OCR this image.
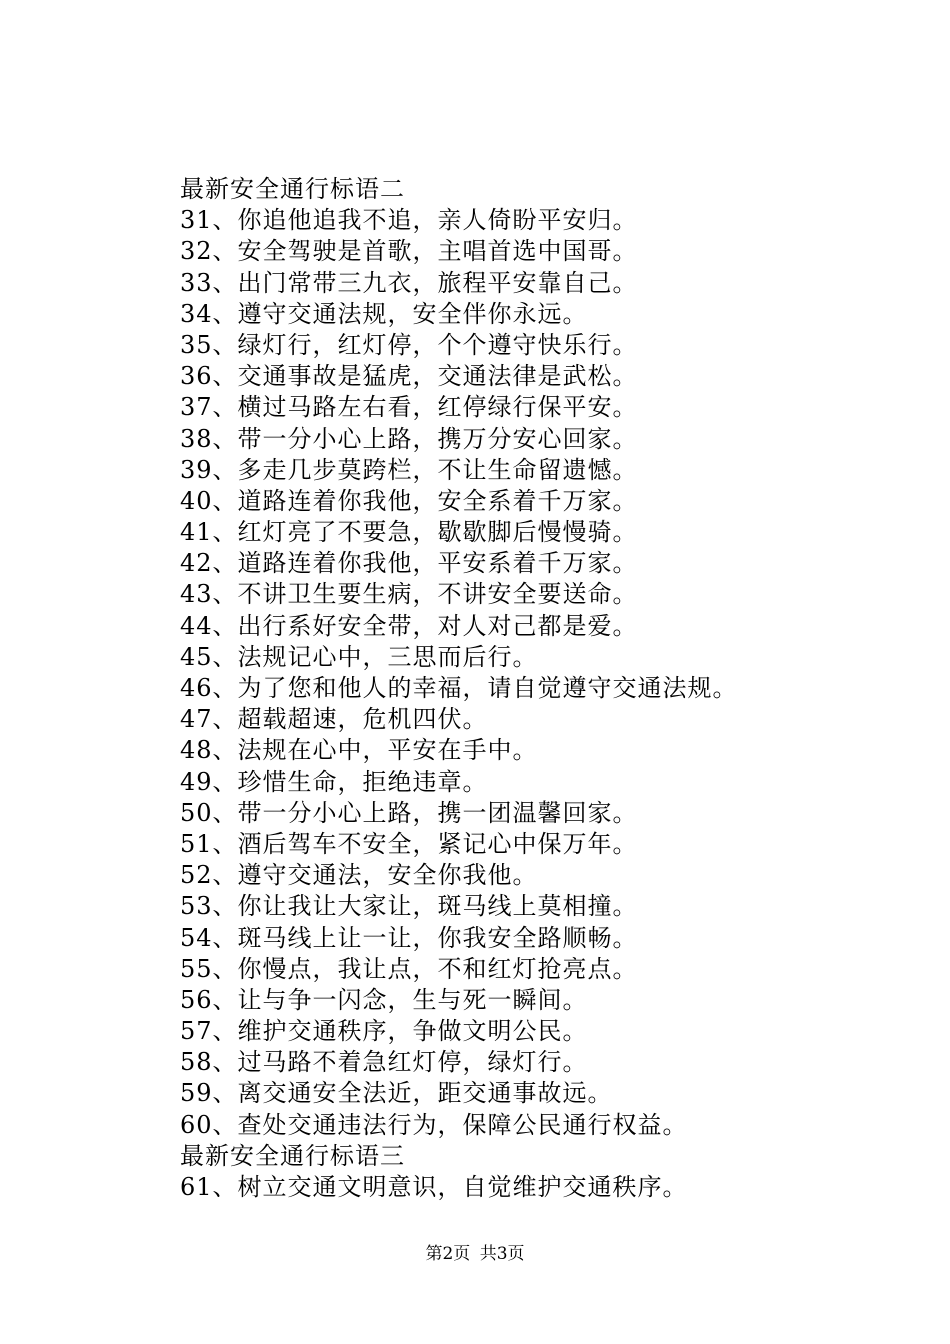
最新安全通行标语二
31、你追他追我不追，亲人倚盼平安归。
32、安全驾驶是首歌，主唱首选中国哥。
33、出门常带三九衣，旅程平安靠自己。
34、遵守交通法规，安全伴你永远。
35、绿灯行，红灯停，个个遵守快乐行。
36、交通事故是猛虎，交通法律是武松。
37、横过马路左右看，红停绿行保平安。
38、带一分小心上路，携万分安心回家。
39、多走几步莫跨栏，不让生命留遗憾。
40、道路连着你我他，安全系着千万家。
41、红灯亮了不要急，歇歇脚后慢慢骑。
42、道路连着你我他，平安系着千万家。
43、不讲卫生要生病，不讲安全要送命。
44、出行系好安全带，对人对己都是爱。
45、法规记心中，三思而后行。
46、为了您和他人的幸福，请自觉遵守交通法规。
47、超载超速，危机四伏。
48、法规在心中，平安在手中。
49、珍惜生命，拒绝违章。
50、带一分小心上路，携一团温馨回家。
51、酒后驾车不安全，紧记心中保万年。
52、遵守交通法，安全你我他。
53、你让我让大家让，斑马线上莫相撞。
54、斑马线上让一让，你我安全路顺畅。
55、你慢点，我让点，不和红灯抢亮点。
56、让与争一闪念，生与死一瞬间。
57、维护交通秩序，争做文明公民。
58、过马路不着急红灯停，绿灯行。
59、离交通安全法近，距交通事故远。
60、查处交通违法行为，保障公民通行权益。
最新安全通行标语三
61、树立交通文明意识，自觉维护交通秩序。
第2页 共3页
